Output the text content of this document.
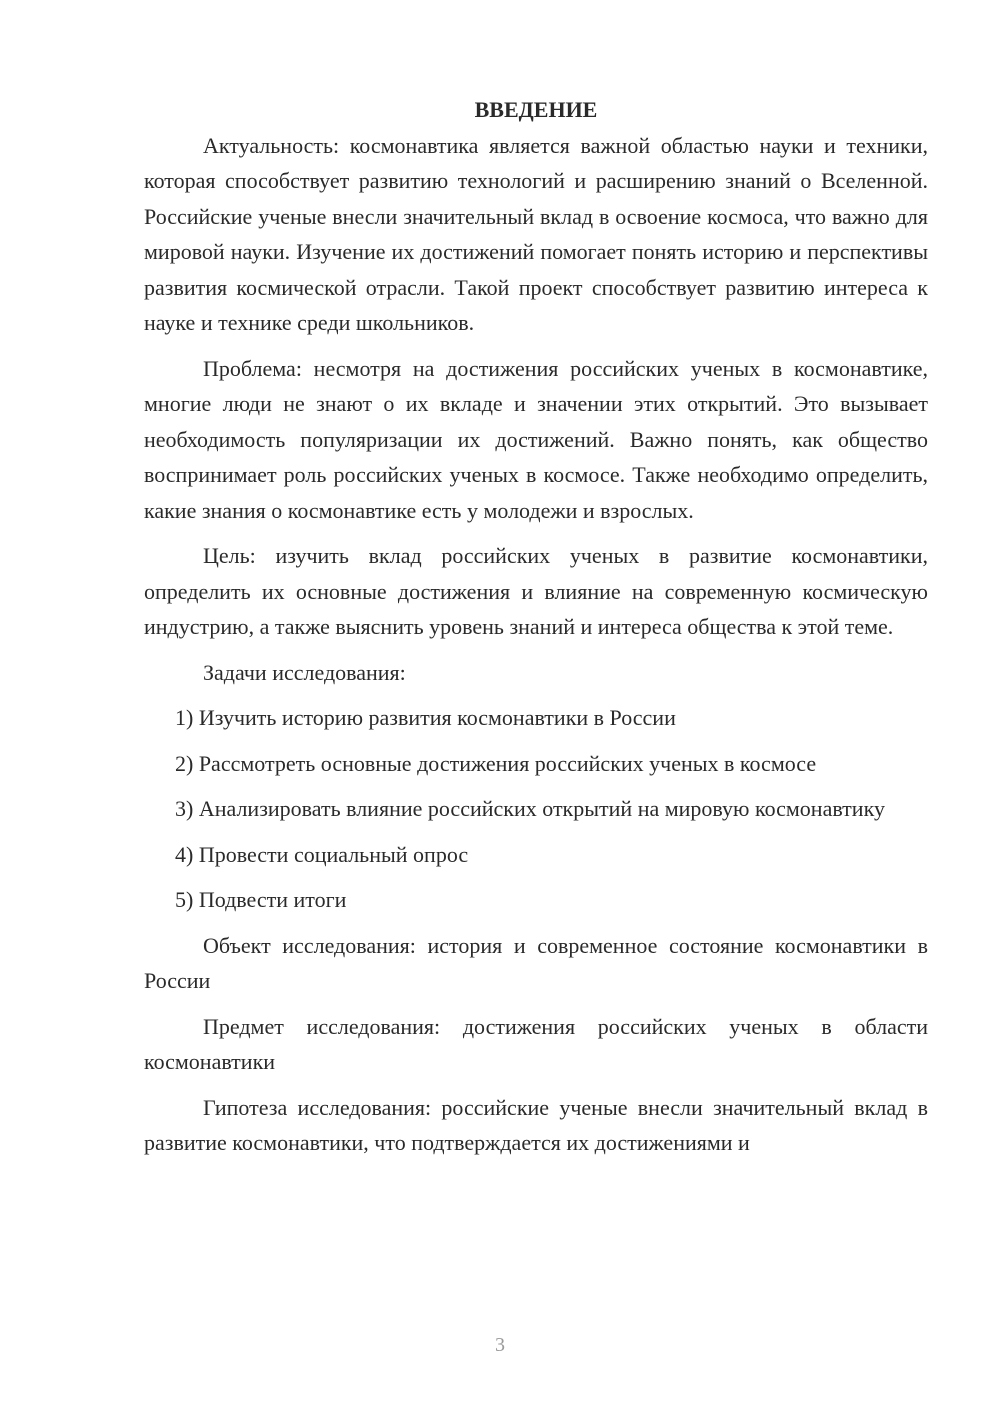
ВВЕДЕНИЕ

Актуальность: космонавтика является важной областью науки и техники, которая способствует развитию технологий и расширению знаний о Вселенной. Российские ученые внесли значительный вклад в освоение космоса, что важно для мировой науки. Изучение их достижений помогает понять историю и перспективы развития космической отрасли. Такой проект способствует развитию интереса к науке и технике среди школьников.

Проблема: несмотря на достижения российских ученых в космонавтике, многие люди не знают о их вкладе и значении этих открытий. Это вызывает необходимость популяризации их достижений. Важно понять, как общество воспринимает роль российских ученых в космосе. Также необходимо определить, какие знания о космонавтике есть у молодежи и взрослых.

Цель: изучить вклад российских ученых в развитие космонавтики, определить их основные достижения и влияние на современную космическую индустрию, а также выяснить уровень знаний и интереса общества к этой теме.

Задачи исследования:

1) Изучить историю развития космонавтики в России

2) Рассмотреть основные достижения российских ученых в космосе

3) Анализировать влияние российских открытий на мировую космонавтику

4) Провести социальный опрос

5) Подвести итоги

Объект исследования: история и современное состояние космонавтики в России

Предмет исследования: достижения российских ученых в области космонавтики

Гипотеза исследования: российские ученые внесли значительный вклад в развитие космонавтики, что подтверждается их достижениями и

3
